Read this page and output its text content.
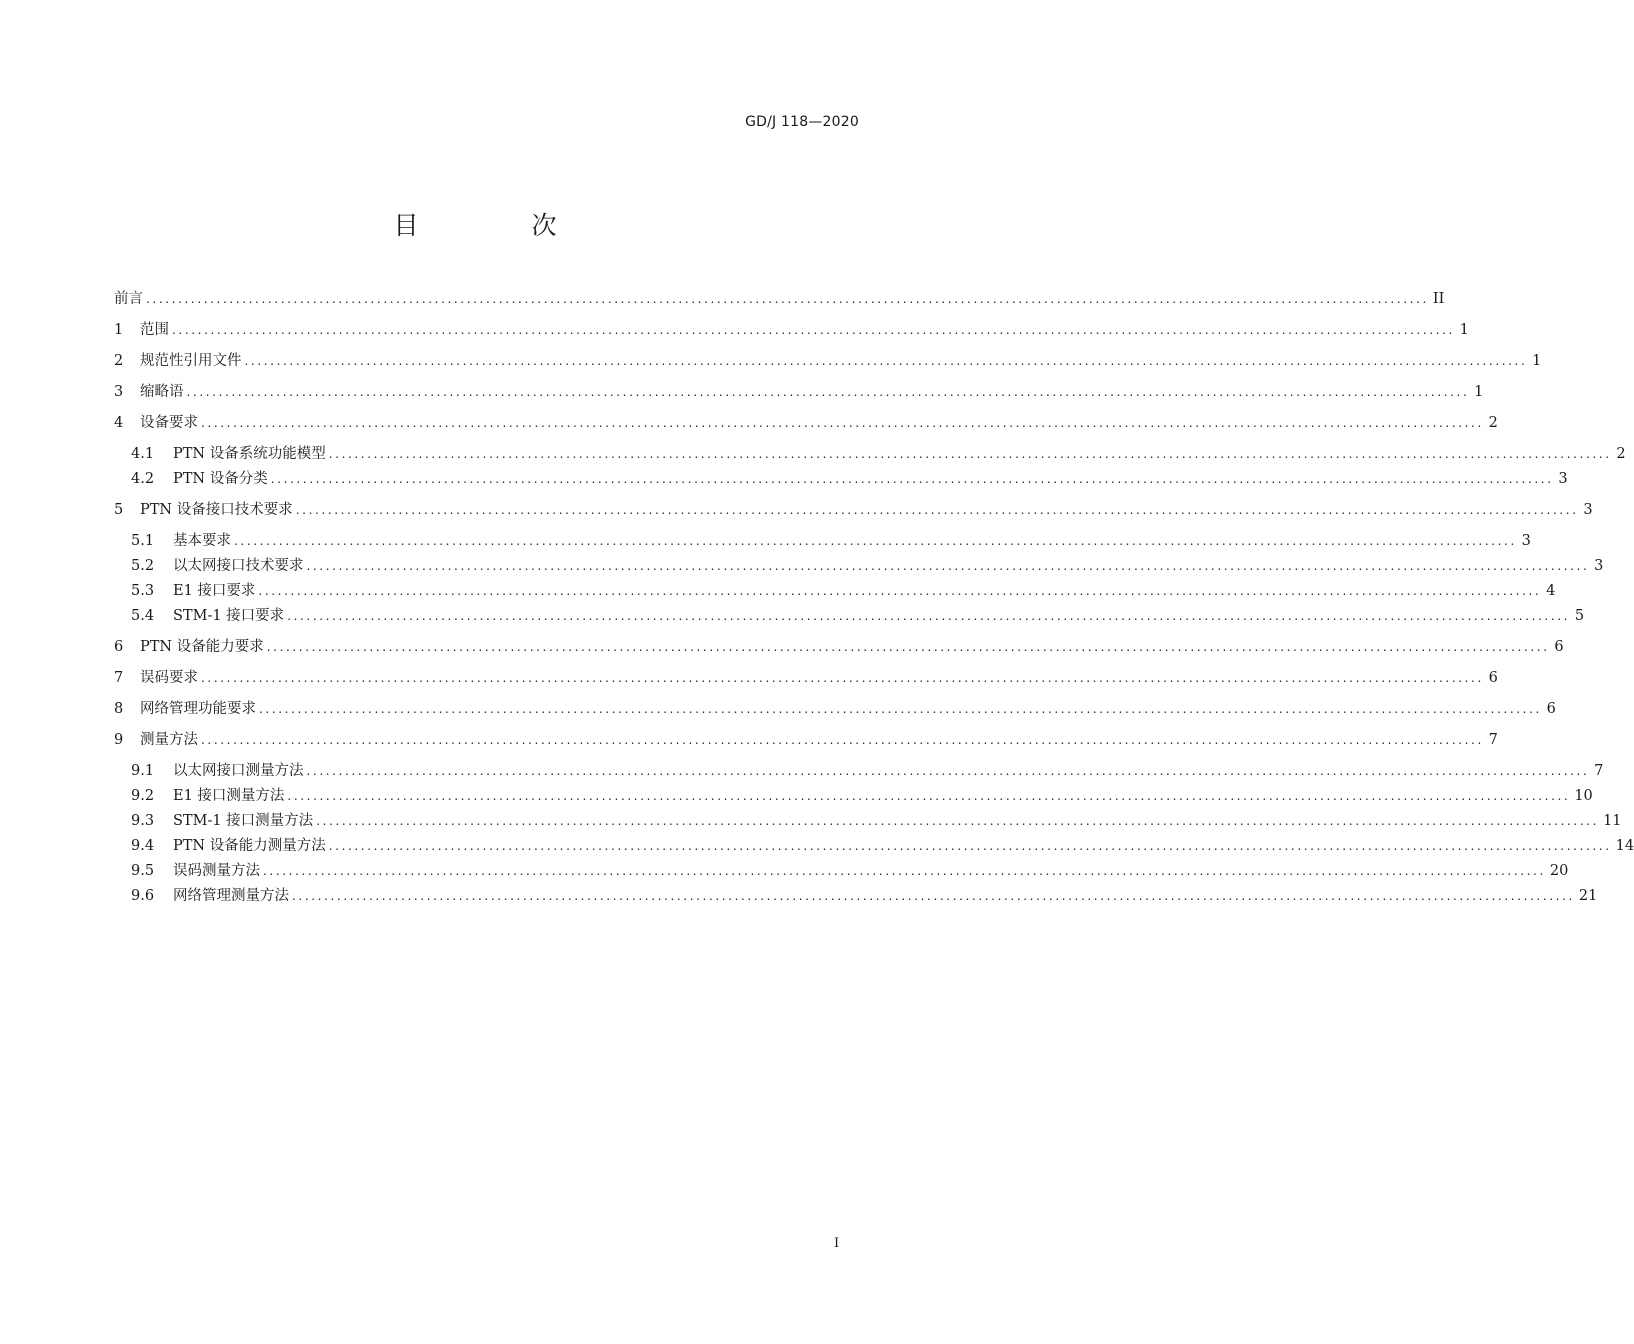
GD/J 118—2020
目　次
前言 ........................................................................................................................................................................................................ II
1	范围 ........................................................................................................................................................................................................ 1
2	规范性引用文件 ........................................................................................................................................................................................................ 1
3	缩略语 ........................................................................................................................................................................................................ 1
4	设备要求 ........................................................................................................................................................................................................ 2
4.1	PTN 设备系统功能模型 ........................................................................................................................................................................................................ 2
4.2	PTN 设备分类 ........................................................................................................................................................................................................ 3
5	PTN 设备接口技术要求 ........................................................................................................................................................................................................ 3
5.1	基本要求 ........................................................................................................................................................................................................ 3
5.2	以太网接口技术要求 ........................................................................................................................................................................................................ 3
5.3	E1 接口要求 ........................................................................................................................................................................................................ 4
5.4	STM-1 接口要求 ........................................................................................................................................................................................................ 5
6	PTN 设备能力要求 ........................................................................................................................................................................................................ 6
7	误码要求 ........................................................................................................................................................................................................ 6
8	网络管理功能要求 ........................................................................................................................................................................................................ 6
9	测量方法 ........................................................................................................................................................................................................ 7
9.1	以太网接口测量方法 ........................................................................................................................................................................................................ 7
9.2	E1 接口测量方法 ........................................................................................................................................................................................................ 10
9.3	STM-1 接口测量方法 ........................................................................................................................................................................................................ 11
9.4	PTN 设备能力测量方法 ........................................................................................................................................................................................................ 14
9.5	误码测量方法 ........................................................................................................................................................................................................ 20
9.6	网络管理测量方法 ........................................................................................................................................................................................................ 21
I
